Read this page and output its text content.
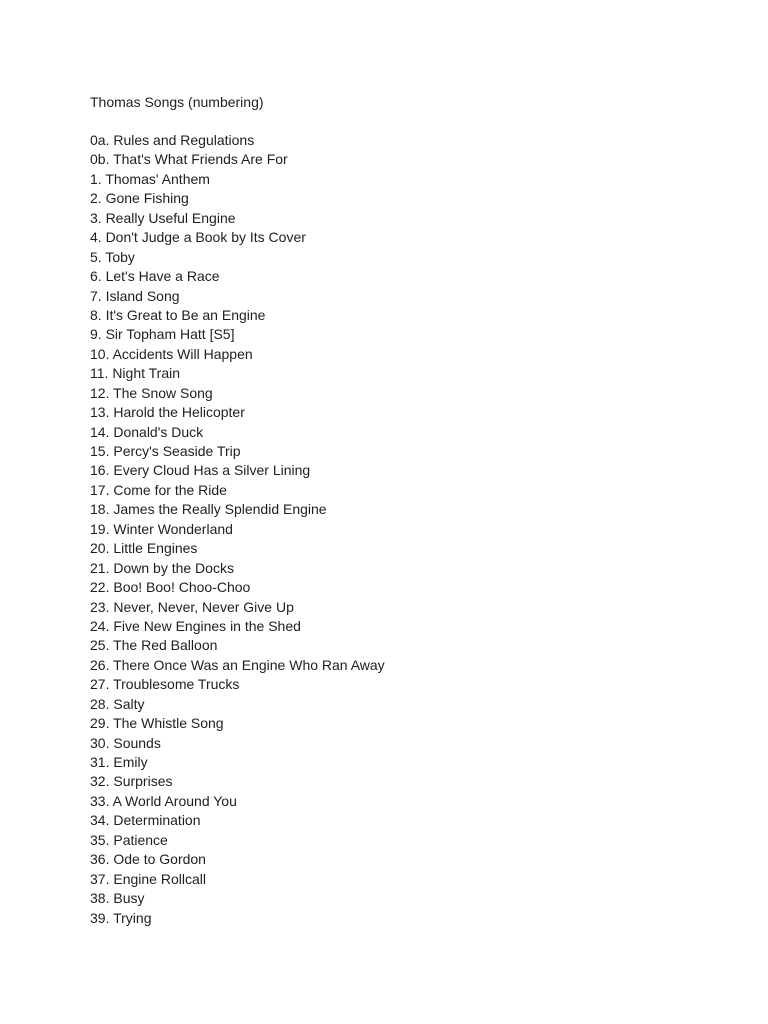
Thomas Songs (numbering)
0a. Rules and Regulations
0b. That's What Friends Are For
1. Thomas' Anthem
2. Gone Fishing
3. Really Useful Engine
4. Don't Judge a Book by Its Cover
5. Toby
6. Let's Have a Race
7. Island Song
8. It's Great to Be an Engine
9. Sir Topham Hatt [S5]
10. Accidents Will Happen
11. Night Train
12. The Snow Song
13. Harold the Helicopter
14. Donald's Duck
15. Percy's Seaside Trip
16. Every Cloud Has a Silver Lining
17. Come for the Ride
18. James the Really Splendid Engine
19. Winter Wonderland
20. Little Engines
21. Down by the Docks
22. Boo! Boo! Choo-Choo
23. Never, Never, Never Give Up
24. Five New Engines in the Shed
25. The Red Balloon
26. There Once Was an Engine Who Ran Away
27. Troublesome Trucks
28. Salty
29. The Whistle Song
30. Sounds
31. Emily
32. Surprises
33. A World Around You
34. Determination
35. Patience
36. Ode to Gordon
37. Engine Rollcall
38. Busy
39. Trying
